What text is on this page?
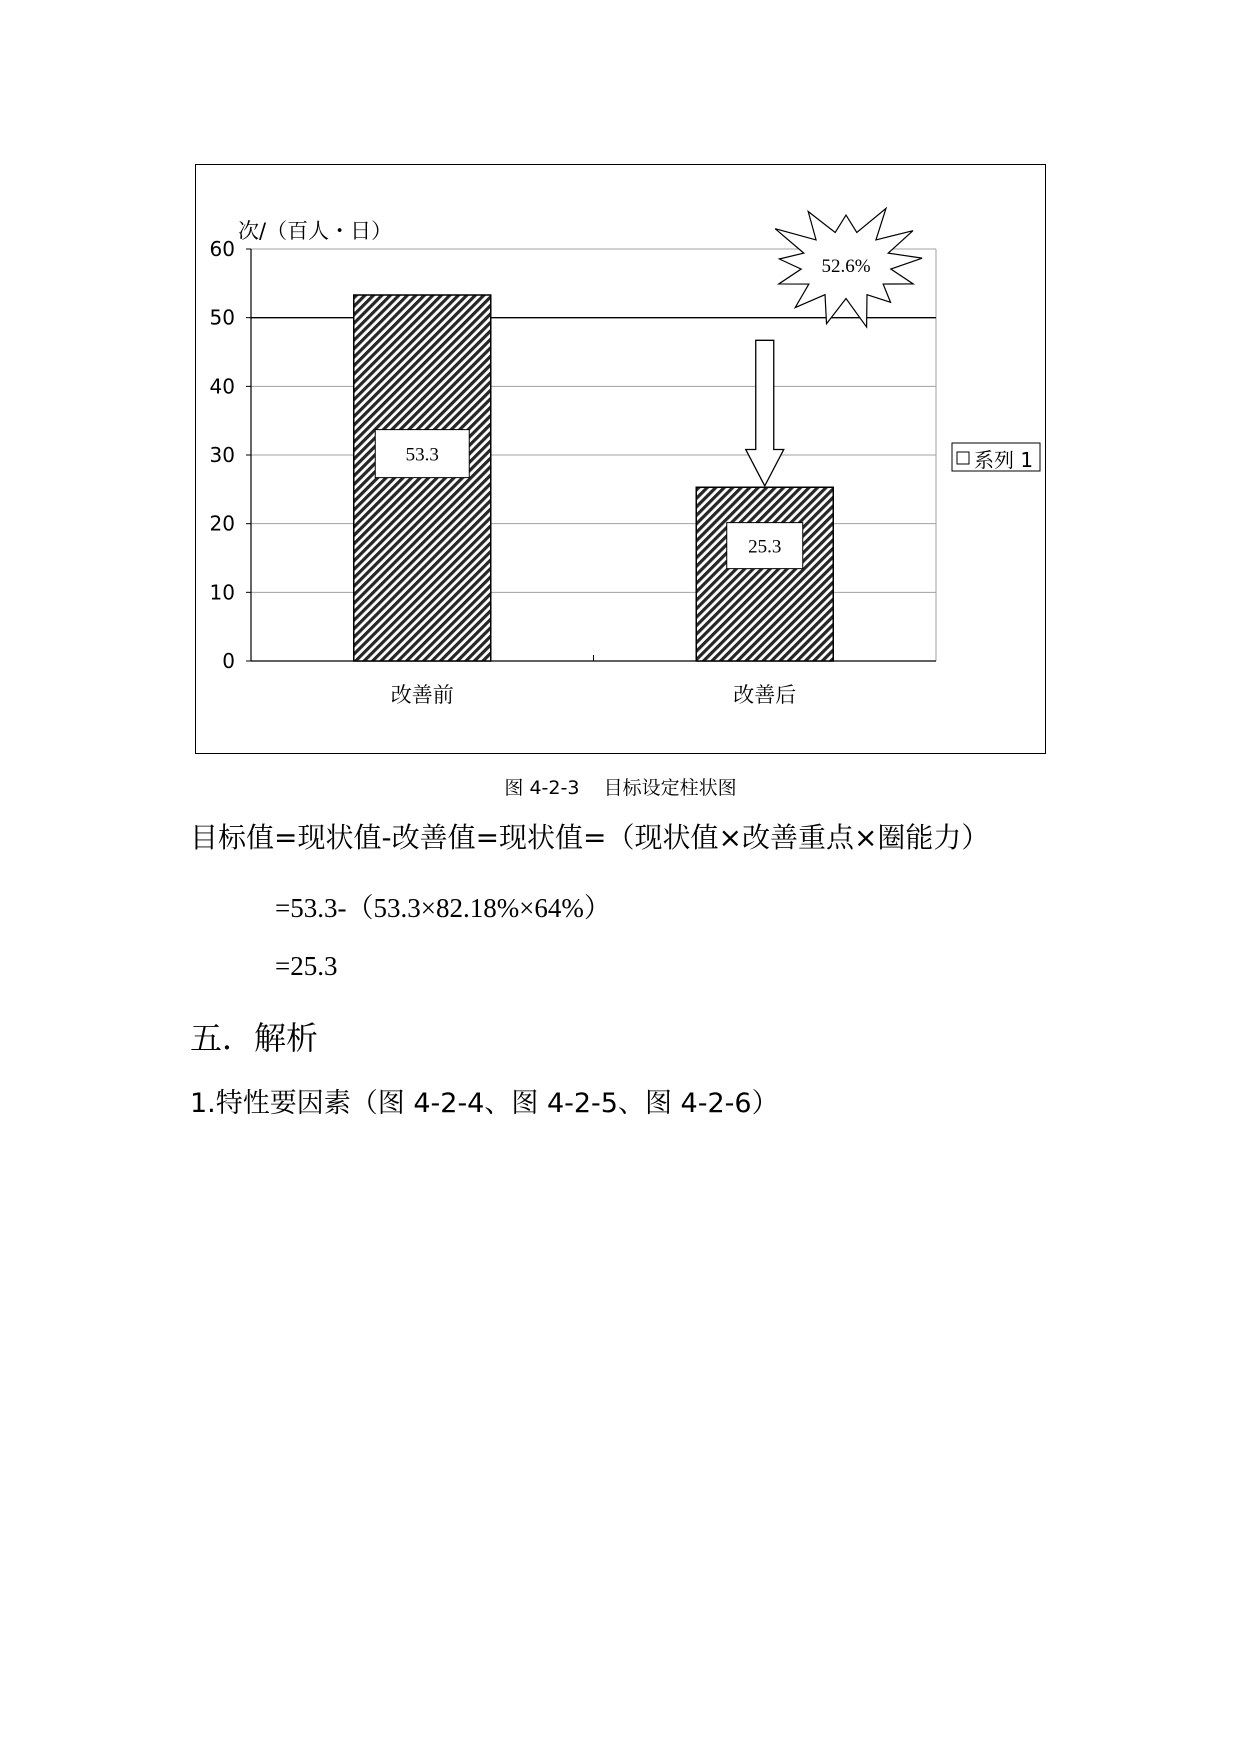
0
10
20
30
40
50
60
次/（百人・日）
改善前	改善后
53.3
25.3
52.6%
系列 1
图 4-2-3    目标设定柱状图
目标值=现状值-改善值=现状值=（现状值×改善重点×圈能力）
=53.3-（53.3×82.18%×64%）
=25.3
五．解析
1.特性要因素（图 4-2-4、图 4-2-5、图 4-2-6）
